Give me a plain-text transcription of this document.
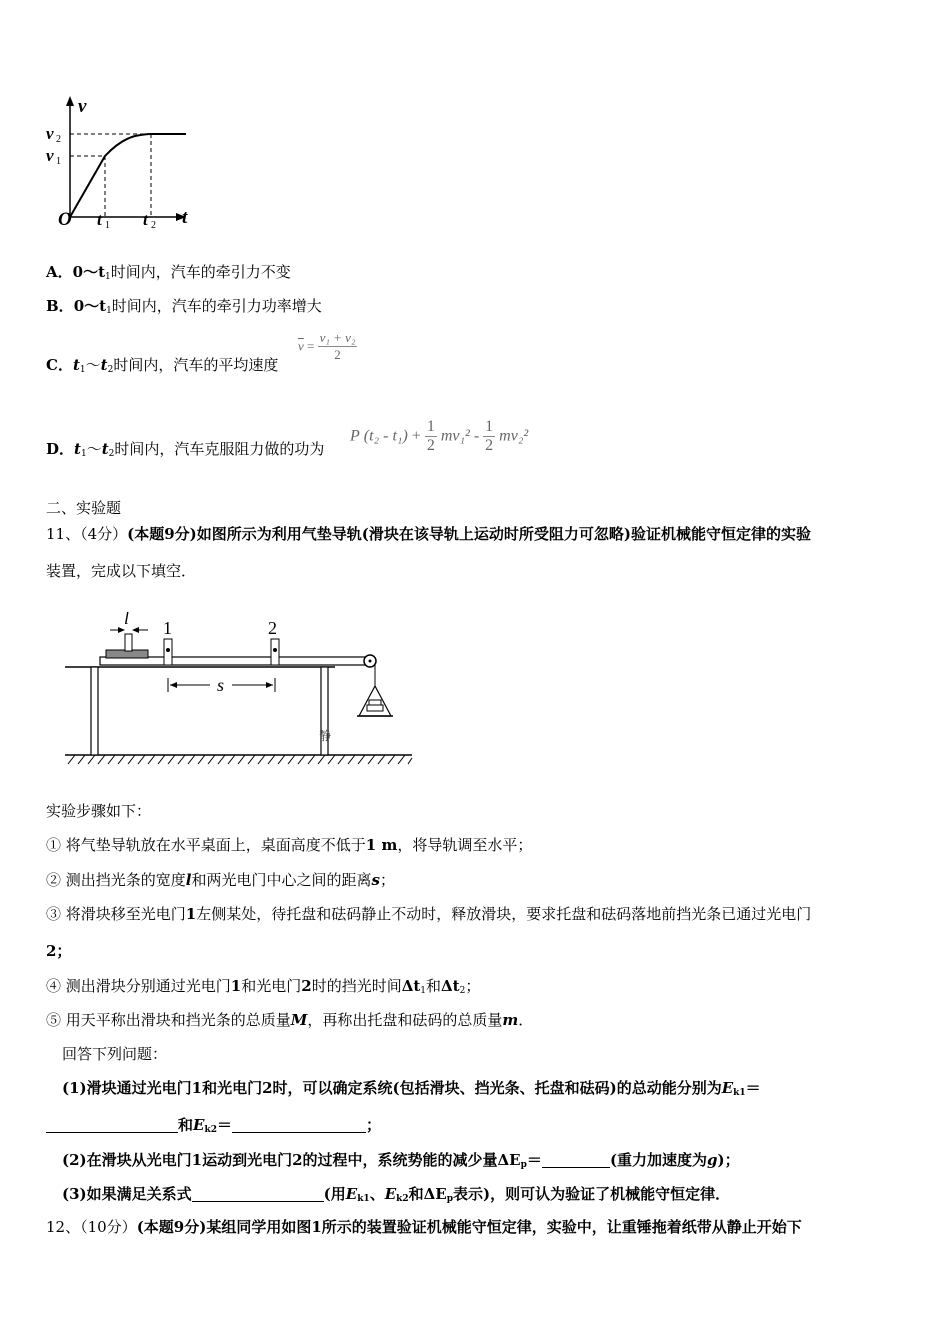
v
t
O
v 2
v 1
t 1 t 2
A．$0\sim t_1$时间内，汽车的牵引力不变
B．$0\sim t_1$时间内，汽车的牵引力功率增大
C．$t_1\sim t_2$时间内，汽车的平均速度
$\overline{v} = \frac{\text{v₁ + v₂}}{2}$
D．$t_1\sim t_2$时间内，汽车克服阻力做的功为
P $(t_2 - t_1) + \frac{1}{2} mv_1^2 - \frac{1}{2} mv_2^2$
二、实验题
11、（4分）(本题9分)如图所示为利用气垫导轨(滑块在该导轨上运动时所受阻力可忽略)验证机械能守恒定律的实验
装置，完成以下填空．
静
l 1	2
s
实验步骤如下：
① 将气垫导轨放在水平桌面上，桌面高度不低于1 m，将导轨调至水平；
② 测出挡光条的宽度l和两光电门中心之间的距离s；
③ 将滑块移至光电门1左侧某处，待托盘和砝码静止不动时，释放滑块，要求托盘和砝码落地前挡光条已通过光电门
2；
④ 测出滑块分别通过光电门1和光电门2时的挡光时间$\Delta t_1$和$\Delta t_2$；
⑤ 用天平称出滑块和挡光条的总质量M，再称出托盘和砝码的总质量m．
回答下列问题：
(1)滑块通过光电门1和光电门2时，可以确定系统(包括滑块、挡光条、托盘和砝码)的总动能分别为$E_{k1}=$
和$E_{k2}=$	；
(2)在滑块从光电门1运动到光电门2的过程中，系统势能的减少量$\Delta E_p=$	(重力加速度为g)；
(3)如果满足关系式	(用$E_{k1}$、$E_{k2}$和$\Delta E_p$表示)，则可认为验证了机械能守恒定律．
12、（10分）(本题9分)某组同学用如图1所示的装置验证机械能守恒定律，实验中，让重锤拖着纸带从静止开始下
